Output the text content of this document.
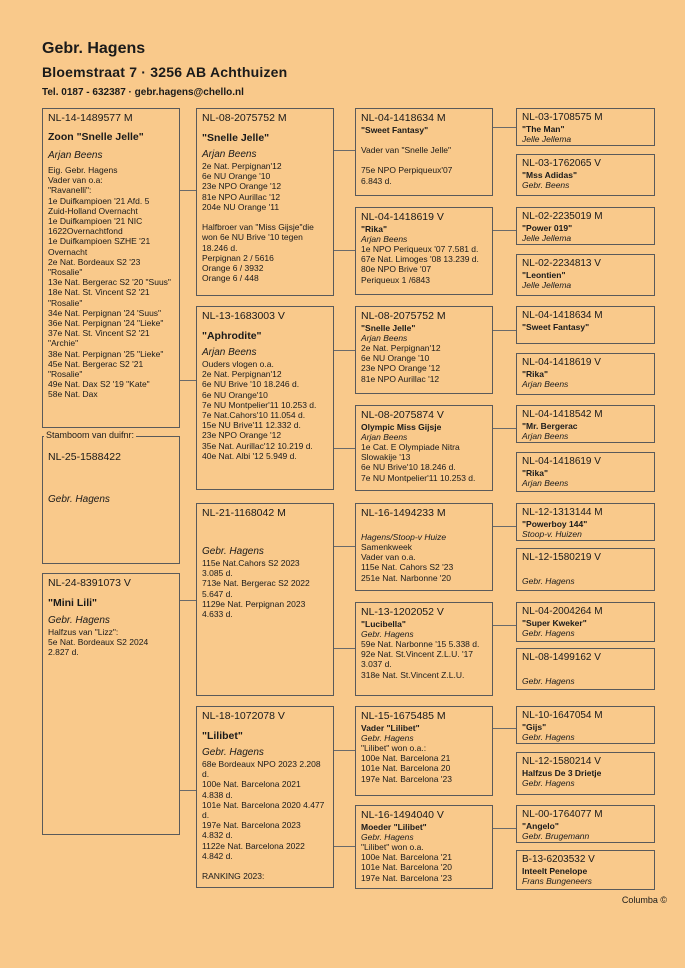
Gebr. Hagens
Bloemstraat 7 · 3256 AB Achthuizen
Tel. 0187 - 632387 · gebr.hagens@chello.nl
NL-14-1489577 M
Zoon "Snelle Jelle"
Arjan Beens
Eig. Gebr. Hagens
Vader van o.a:
"Ravanelli":
1e Duifkampioen '21 Afd. 5
Zuid-Holland Overnacht
1e Duifkampioen '21 NIC
1622Overnachtfond
1e Duifkampioen SZHE '21
Overnacht
2e Nat. Bordeaux S2 '23
"Rosalie"
13e Nat. Bergerac S2 '20 "Suus"
18e Nat. St. Vincent S2 '21
"Rosalie"
34e Nat. Perpignan '24 'Suus"
36e Nat. Perpignan '24 "Lieke"
37e Nat. St. Vincent S2 '21
"Archie"
38e Nat. Perpignan '25 "Lieke"
45e Nat. Bergerac S2 '21
"Rosalie"
49e Nat. Dax S2 '19 "Kate"
58e Nat. Dax
NL-25-1588422
Gebr. Hagens
Stamboom van duifnr:
NL-24-8391073 V
"Mini Lili"
Gebr. Hagens
Halfzus van "Lizz":
5e Nat. Bordeaux S2 2024
2.827 d.
NL-08-2075752 M
"Snelle Jelle"
Arjan Beens
2e Nat. Perpignan'12
6e NU Orange '10
23e NPO Orange '12
81e NPO Aurillac '12
204e NU Orange '11

Halfbroer van "Miss Gijsje"die
won 6e NU Brive '10 tegen
18.246 d.
Perpignan 2 / 5616
Orange 6 / 3932
Orange 6 / 448
NL-13-1683003 V
"Aphrodite"
Arjan Beens
Ouders vlogen o.a.
2e Nat. Perpignan'12
6e NU Brive '10 18.246 d.
6e NU Orange'10
7e NU Montpelier'11 10.253 d.
7e Nat.Cahors'10 11.054 d.
15e NU Brive'11 12.332 d.
23e NPO Orange '12
35e Nat. Aurillac'12 10.219 d.
40e Nat. Albi '12 5.949 d.
NL-21-1168042 M
Gebr. Hagens
115e Nat.Cahors S2 2023
3.085 d.
713e Nat. Bergerac S2 2022
5.647 d.
1129e Nat. Perpignan 2023
4.633 d.
NL-18-1072078 V
"Lilibet"
Gebr. Hagens
68e Bordeaux NPO 2023 2.208
d.
100e Nat. Barcelona 2021
4.838 d.
101e Nat. Barcelona 2020 4.477
d.
197e Nat. Barcelona 2023
4.832 d.
1122e Nat. Barcelona 2022
4.842 d.

RANKING 2023:
NL-04-1418634 M
"Sweet Fantasy"
Vader van "Snelle Jelle"

75e NPO Perpiqueux'07
6.843 d.
NL-04-1418619 V
"Rika"
Arjan Beens
1e NPO Periqueux '07 7.581 d.
67e Nat. Limoges '08 13.239 d.
80e NPO Brive '07
Periqueux 1 /6843
NL-08-2075752 M
"Snelle Jelle"
Arjan Beens
2e Nat. Perpignan'12
6e NU Orange '10
23e NPO Orange '12
81e NPO Aurillac '12
NL-08-2075874 V
Olympic Miss Gijsje
Arjan Beens
1e Cat. E Olympiade Nitra
Slowakije '13
6e NU Brive'10 18.246 d.
7e NU Montpelier'11 10.253 d.
NL-16-1494233 M
Hagens/Stoop-v Huize
Samenkweek
Vader van o.a.
115e Nat. Cahors S2 '23
251e Nat. Narbonne '20
NL-13-1202052 V
"Lucibella"
Gebr. Hagens
59e Nat. Narbonne '15 5.338 d.
92e Nat. St.Vincent Z.L.U. '17
3.037 d.
318e Nat. St.Vincent Z.L.U.
NL-15-1675485 M
Vader "Lilibet"
Gebr. Hagens
"Lilibet" won o.a.:
100e Nat. Barcelona 21
101e Nat. Barcelona 20
197e Nat. Barcelona '23
NL-16-1494040 V
Moeder "Lilibet"
Gebr. Hagens
"Lilibet" won o.a.
100e Nat. Barcelona '21
101e Nat. Barcelona '20
197e Nat. Barcelona '23
NL-03-1708575 M
"The Man"
Jelle Jellema
NL-03-1762065 V
"Mss Adidas"
Gebr. Beens
NL-02-2235019 M
"Power 019"
Jelle Jellema
NL-02-2234813 V
"Leontien"
Jelle Jellema
NL-04-1418634 M
"Sweet Fantasy"
NL-04-1418619 V
"Rika"
Arjan Beens
NL-04-1418542 M
"Mr. Bergerac
Arjan Beens
NL-04-1418619 V
"Rika"
Arjan Beens
NL-12-1313144 M
"Powerboy 144"
Stoop-v. Huizen
NL-12-1580219 V
Gebr. Hagens
NL-04-2004264 M
"Super Kweker"
Gebr. Hagens
NL-08-1499162 V
Gebr. Hagens
NL-10-1647054 M
"Gijs"
Gebr. Hagens
NL-12-1580214 V
Halfzus De 3 Drietje
Gebr. Hagens
NL-00-1764077 M
"Angelo"
Gebr. Brugemann
B-13-6203532 V
Inteelt Penelope
Frans Bungeneers
Columba ©
